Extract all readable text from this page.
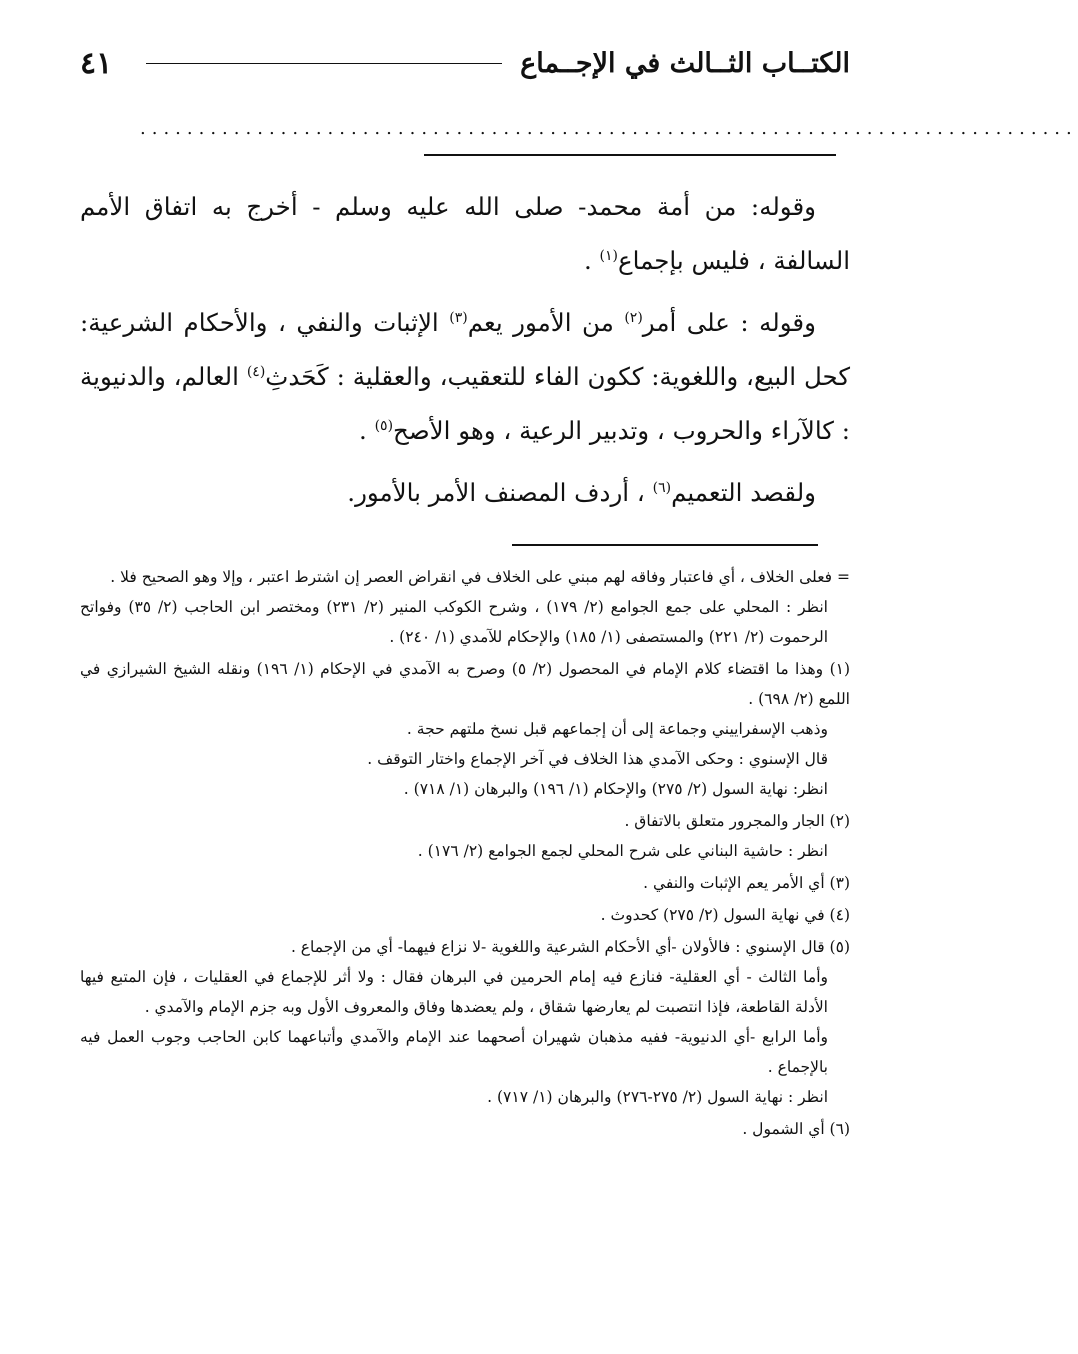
٤١	الكتــاب الثــالث في الإجــماع
................................................................................

وقوله: من أمة محمد- صلى الله عليه وسلم - أخرج به اتفاق الأمم السالفة ، فليس بإجماع$^{(١)}$ .

وقوله : على أمر$^{(٢)}$ من الأمور يعم$^{(٣)}$ الإثبات والنفي ، والأحكام الشرعية: كحل البيع، واللغوية: ككون الفاء للتعقيب، والعقلية : كَحَدثِ$^{(٤)}$ العالم، والدنيوية : كالآراء والحروب ، وتدبير الرعية ، وهو الأصح$^{(٥)}$ .

ولقصد التعميم$^{(٦)}$ ، أردف المصنف الأمر بالأمور.

= فعلى الخلاف ، أي فاعتبار وفاقه لهم مبني على الخلاف في انقراض العصر إن اشترط اعتبر ، وإلا وهو الصحيح فلا .

انظر : المحلي على جمع الجوامع (٢/ ١٧٩) ، وشرح الكوكب المنير (٢/ ٢٣١) ومختصر ابن الحاجب (٢/ ٣٥) وفواتح الرحموت (٢/ ٢٢١) والمستصفى (١/ ١٨٥) والإحكام للآمدي (١/ ٢٤٠) .

(١) وهذا ما اقتضاء كلام الإمام في المحصول (٢/ ٥) وصرح به الآمدي في الإحكام (١/ ١٩٦) ونقله الشيخ الشيرازي في اللمع (٢/ ٦٩٨) .

وذهب الإسفراييني وجماعة إلى أن إجماعهم قبل نسخ ملتهم حجة .

قال الإسنوي : وحكى الآمدي هذا الخلاف في آخر الإجماع واختار التوقف .

انظر: نهاية السول (٢/ ٢٧٥) والإحكام (١/ ١٩٦) والبرهان (١/ ٧١٨) .

(٢) الجار والمجرور متعلق بالاتفاق .

انظر : حاشية البناني على شرح المحلي لجمع الجوامع (٢/ ١٧٦) .

(٣) أي الأمر يعم الإثبات والنفي .

(٤) في نهاية السول (٢/ ٢٧٥) كحدوث .

(٥) قال الإسنوي : فالأولان -أي الأحكام الشرعية واللغوية -لا نزاع فيهما- أي من الإجماع .

وأما الثالث - أي العقلية- فنازع فيه إمام الحرمين في البرهان فقال : ولا أثر للإجماع في العقليات ، فإن المتبع فيها الأدلة القاطعة، فإذا انتصبت لم يعارضها شقاق ، ولم يعضدها وفاق والمعروف الأول وبه جزم الإمام والآمدي .

وأما الرابع -أي الدنيوية- ففيه مذهبان شهيران أصحهما عند الإمام والآمدي وأتباعهما كابن الحاجب وجوب العمل فيه بالإجماع .

انظر : نهاية السول (٢/ ٢٧٥-٢٧٦) والبرهان (١/ ٧١٧) .

(٦) أي الشمول .
